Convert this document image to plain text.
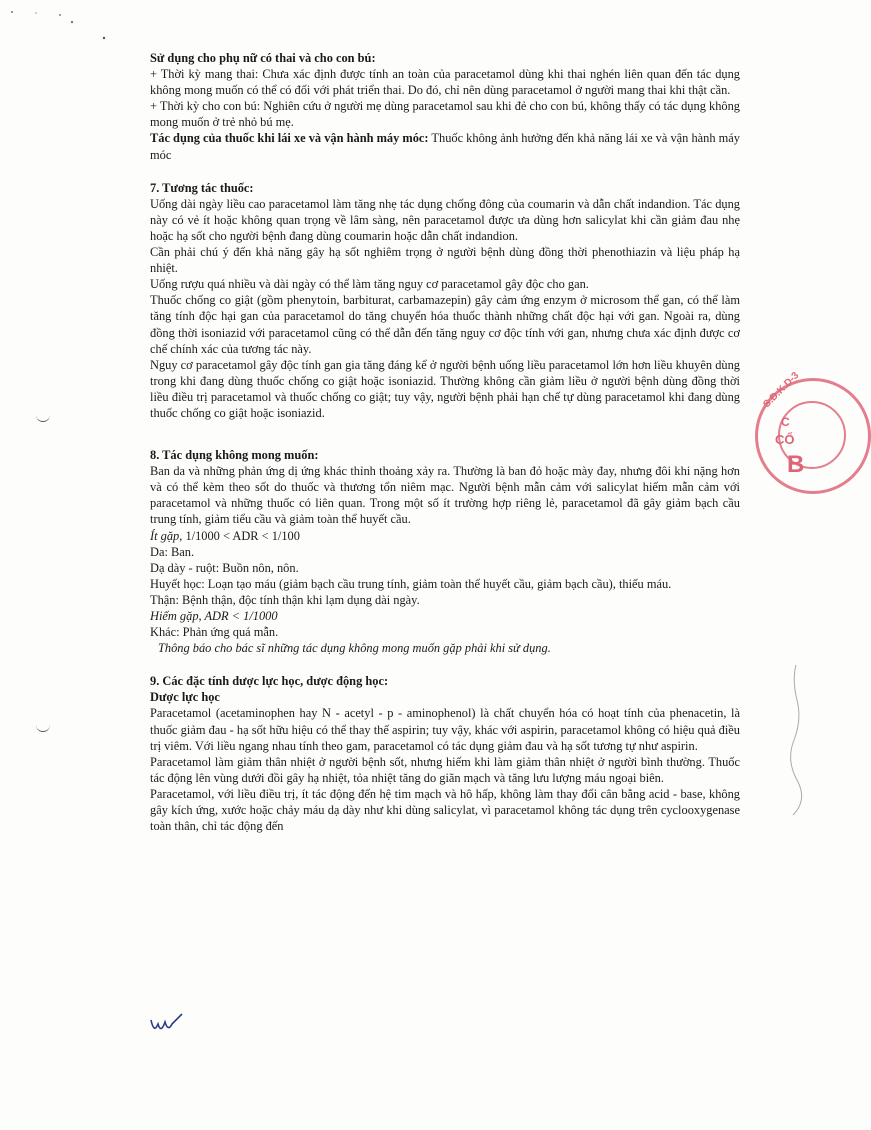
Sử dụng cho phụ nữ có thai và cho con bú:

+ Thời kỳ mang thai: Chưa xác định được tính an toàn của paracetamol dùng khi thai nghén liên quan đến tác dụng không mong muốn có thể có đối với phát triển thai. Do đó, chỉ nên dùng paracetamol ở người mang thai khi thật cần.

+ Thời kỳ cho con bú: Nghiên cứu ở người mẹ dùng paracetamol sau khi đẻ cho con bú, không thấy có tác dụng không mong muốn ở trẻ nhỏ bú mẹ.

Tác dụng của thuốc khi lái xe và vận hành máy móc: Thuốc không ảnh hưởng đến khả năng lái xe và vận hành máy móc

7. Tương tác thuốc:

Uống dài ngày liều cao paracetamol làm tăng nhẹ tác dụng chống đông của coumarin và dẫn chất indandion. Tác dụng này có vẻ ít hoặc không quan trọng về lâm sàng, nên paracetamol được ưa dùng hơn salicylat khi cần giảm đau nhẹ hoặc hạ sốt cho người bệnh đang dùng coumarin hoặc dẫn chất indandion.

Cần phải chú ý đến khả năng gây hạ sốt nghiêm trọng ở người bệnh dùng đồng thời phenothiazin và liệu pháp hạ nhiệt.

Uống rượu quá nhiều và dài ngày có thể làm tăng nguy cơ paracetamol gây độc cho gan.

Thuốc chống co giật (gồm phenytoin, barbiturat, carbamazepin) gây cảm ứng enzym ở microsom thể gan, có thể làm tăng tính độc hại gan của paracetamol do tăng chuyển hóa thuốc thành những chất độc hại với gan. Ngoài ra, dùng đồng thời isoniazid với paracetamol cũng có thể dẫn đến tăng nguy cơ độc tính với gan, nhưng chưa xác định được cơ chế chính xác của tương tác này.

Nguy cơ paracetamol gây độc tính gan gia tăng đáng kể ở người bệnh uống liều paracetamol lớn hơn liều khuyên dùng trong khi đang dùng thuốc chống co giật hoặc isoniazid. Thường không cần giảm liều ở người bệnh dùng đồng thời liều điều trị paracetamol và thuốc chống co giật; tuy vậy, người bệnh phải hạn chế tự dùng paracetamol khi đang dùng thuốc chống co giật hoặc isoniazid.

8. Tác dụng không mong muốn:

Ban da và những phản ứng dị ứng khác thỉnh thoảng xảy ra. Thường là ban đỏ hoặc mày đay, nhưng đôi khi nặng hơn và có thể kèm theo sốt do thuốc và thương tổn niêm mạc. Người bệnh mẫn cảm với salicylat hiếm mẫn cảm với paracetamol và những thuốc có liên quan. Trong một số ít trường hợp riêng lẻ, paracetamol đã gây giảm bạch cầu trung tính, giảm tiểu cầu và giảm toàn thể huyết cầu.

Ít gặp, 1/1000 < ADR < 1/100

Da: Ban.

Dạ dày - ruột: Buồn nôn, nôn.

Huyết học: Loạn tạo máu (giảm bạch cầu trung tính, giảm toàn thể huyết cầu, giảm bạch cầu), thiếu máu.

Thận: Bệnh thận, độc tính thận khi lạm dụng dài ngày.

Hiếm gặp, ADR < 1/1000

Khác: Phản ứng quá mẫn.

Thông báo cho bác sĩ những tác dụng không mong muốn gặp phải khi sử dụng.

9. Các đặc tính dược lực học, dược động học:

Dược lực học

Paracetamol (acetaminophen hay N - acetyl - p - aminophenol) là chất chuyển hóa có hoạt tính của phenacetin, là thuốc giảm đau - hạ sốt hữu hiệu có thể thay thế aspirin; tuy vậy, khác với aspirin, paracetamol không có hiệu quả điều trị viêm. Với liều ngang nhau tính theo gam, paracetamol có tác dụng giảm đau và hạ sốt tương tự như aspirin.

Paracetamol làm giảm thân nhiệt ở người bệnh sốt, nhưng hiếm khi làm giảm thân nhiệt ở người bình thường. Thuốc tác động lên vùng dưới đồi gây hạ nhiệt, tỏa nhiệt tăng do giãn mạch và tăng lưu lượng máu ngoại biên.

Paracetamol, với liều điều trị, ít tác động đến hệ tim mạch và hô hấp, không làm thay đổi cân bằng acid - base, không gây kích ứng, xước hoặc chảy máu dạ dày như khi dùng salicylat, vì paracetamol không tác dụng trên cyclooxygenase toàn thân, chỉ tác động đến

S.Đ.K.D-3
C
CỔ
B
